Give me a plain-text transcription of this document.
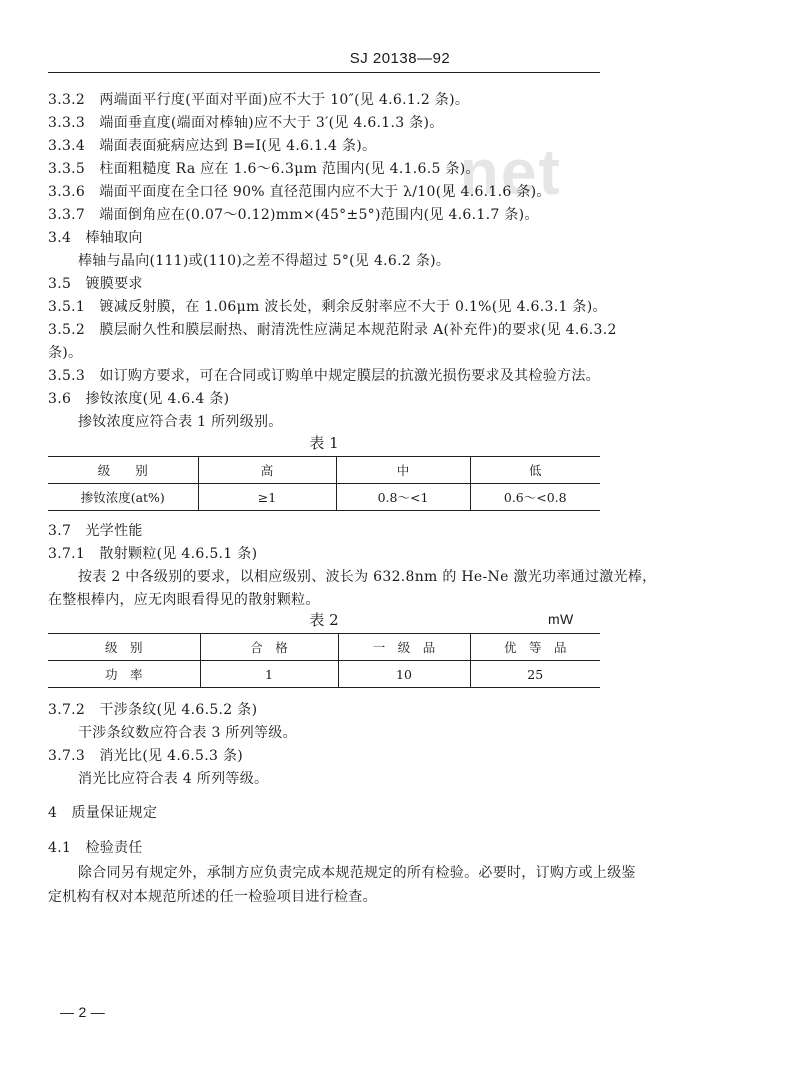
.net
SJ 20138—92
3.3.2　两端面平行度(平面对平面)应不大于 10″(见 4.6.1.2 条)。
3.3.3　端面垂直度(端面对棒轴)应不大于 3′(见 4.6.1.3 条)。
3.3.4　端面表面疵病应达到 B=Ⅰ(见 4.6.1.4 条)。
3.3.5　柱面粗糙度 Ra 应在 1.6～6.3μm 范围内(见 4.1.6.5 条)。
3.3.6　端面平面度在全口径 90% 直径范围内应不大于 λ/10(见 4.6.1.6 条)。
3.3.7　端面倒角应在(0.07～0.12)mm×(45°±5°)范围内(见 4.6.1.7 条)。
3.4　棒轴取向
棒轴与晶向(111)或(110)之差不得超过 5°(见 4.6.2 条)。
3.5　镀膜要求
3.5.1　镀减反射膜，在 1.06μm 波长处，剩余反射率应不大于 0.1%(见 4.6.3.1 条)。
3.5.2　膜层耐久性和膜层耐热、耐清洗性应满足本规范附录 A(补充件)的要求(见 4.6.3.2
条)。
3.5.3　如订购方要求，可在合同或订购单中规定膜层的抗激光损伤要求及其检验方法。
3.6　掺钕浓度(见 4.6.4 条)
掺钕浓度应符合表 1 所列级别。
表 1
级　　别	高	中	低
掺钕浓度(at%)	≥1	0.8～<1	0.6～<0.8
3.7　光学性能
3.7.1　散射颗粒(见 4.6.5.1 条)
按表 2 中各级别的要求，以相应级别、波长为 632.8nm 的 He-Ne 激光功率通过激光棒，
在整根棒内，应无肉眼看得见的散射颗粒。
表 2	mW
级　别	合　格	一　级　品	优　等　品
功　率	1	10	25
3.7.2　干涉条纹(见 4.6.5.2 条)
干涉条纹数应符合表 3 所列等级。
3.7.3　消光比(见 4.6.5.3 条)
消光比应符合表 4 所列等级。
4　质量保证规定
4.1　检验责任
除合同另有规定外，承制方应负责完成本规范规定的所有检验。必要时，订购方或上级鉴
定机构有权对本规范所述的任一检验项目进行检查。
— 2 —
